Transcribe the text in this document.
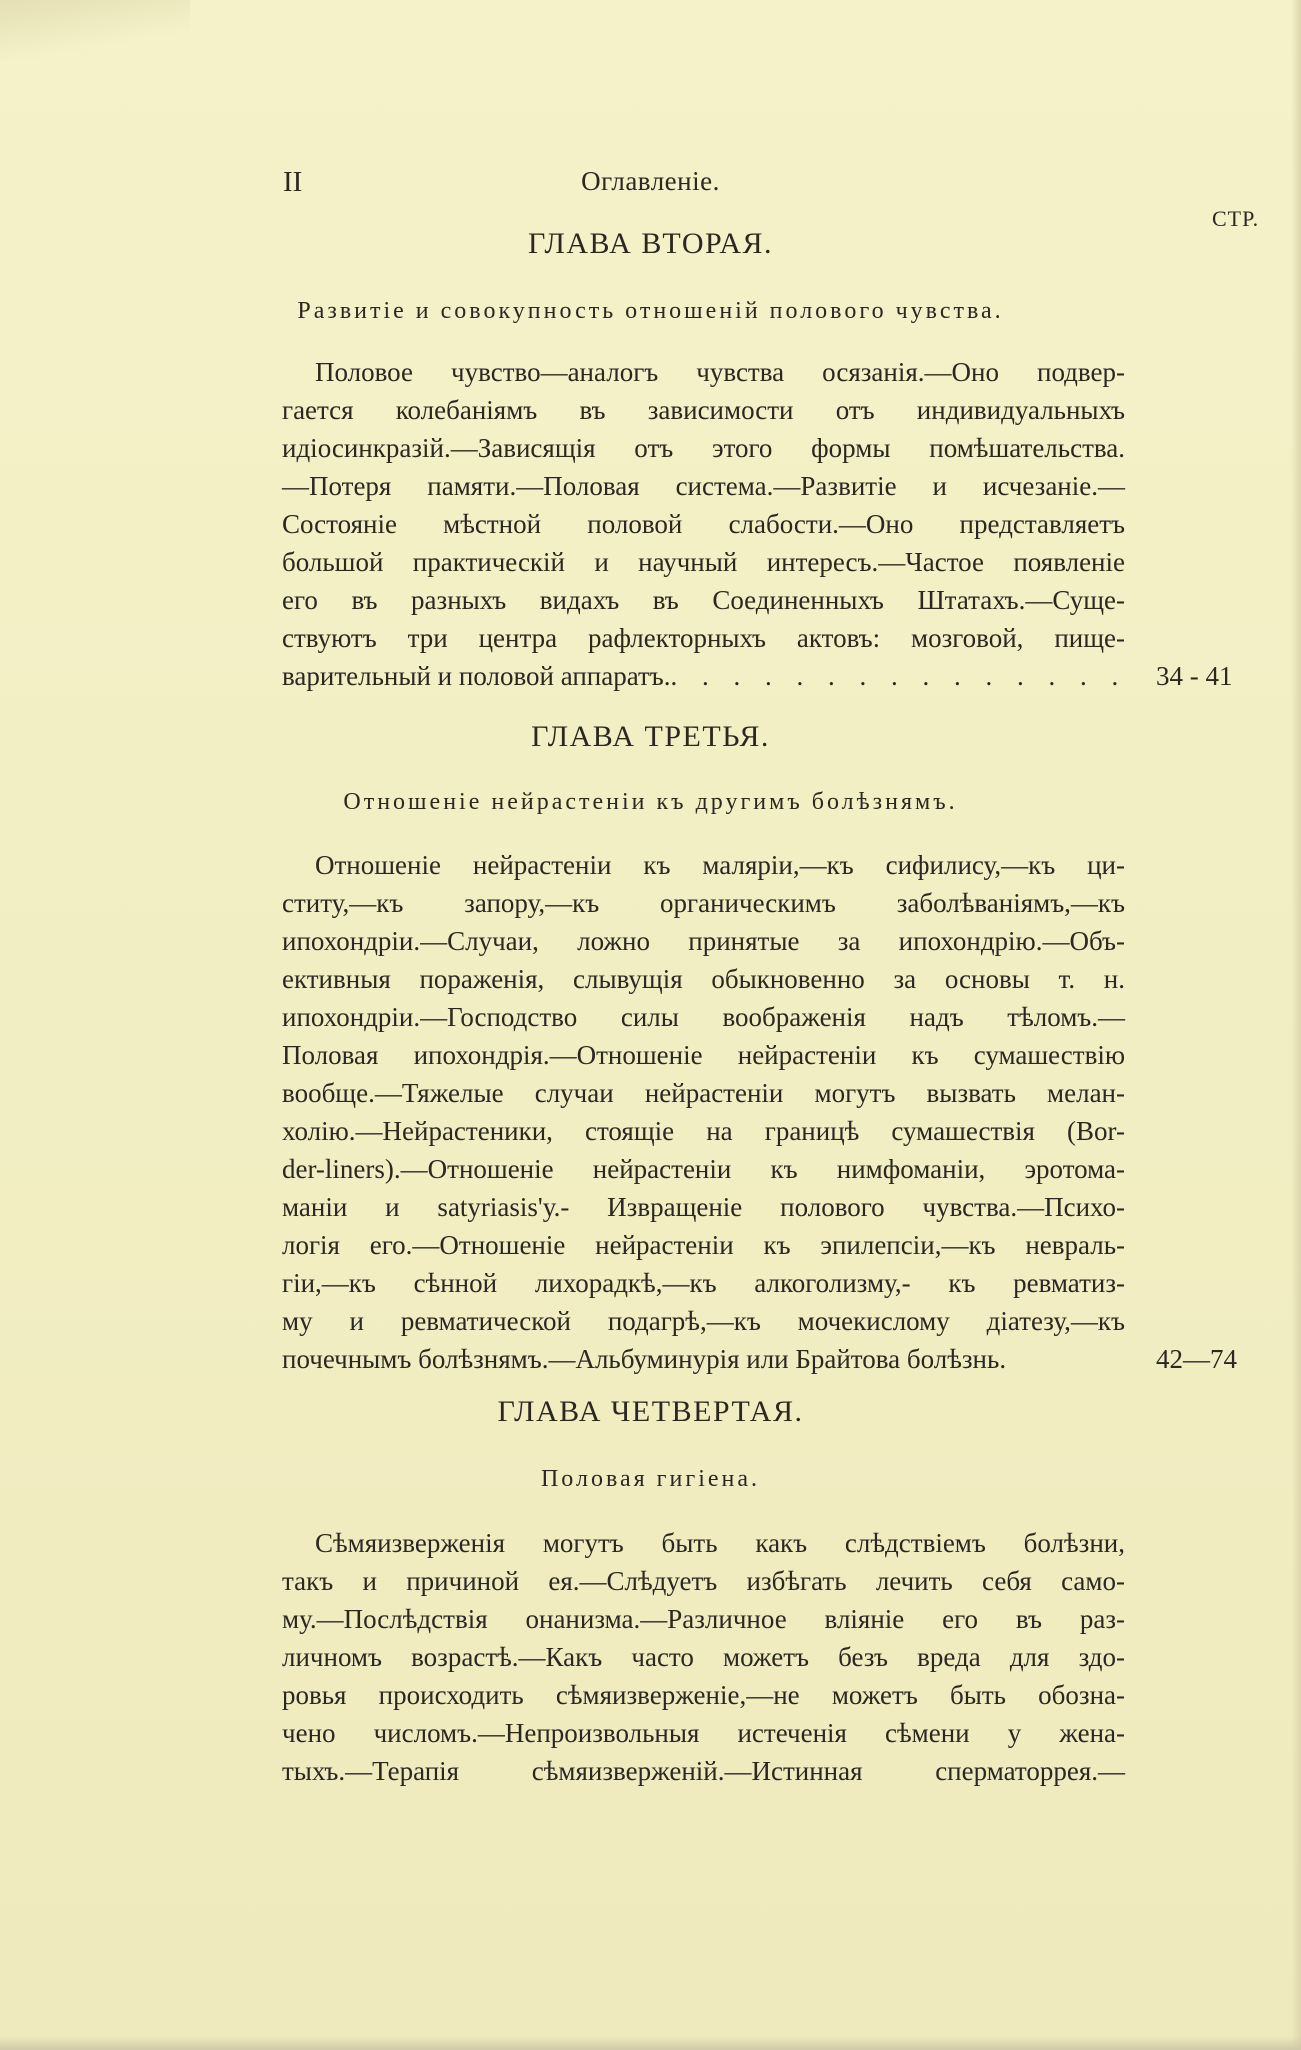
II	Оглавленіе.
СТР.
ГЛАВА ВТОРАЯ.
Развитіе и совокупность отношеній полового чувства.
Половое чувство—аналогъ чувства осязанія.—Оно подвер-
гается колебаніямъ въ зависимости отъ индивидуальныхъ
идіосинкразій.—Зависящія отъ этого формы помѣшательства.
—Потеря памяти.—Половая система.—Развитіе и исчезаніе.—
Состояніе мѣстной половой слабости.—Оно представляетъ
большой практическій и научный интересъ.—Частое появленіе
его въ разныхъ видахъ въ Соединенныхъ Штатахъ.—Суще-
ствуютъ три центра рафлекторныхъ актовъ: мозговой, пище-
варительный и половой аппаратъ.. . . . . . . . . . . . . . . 34 - 41
ГЛАВА ТРЕТЬЯ.
Отношеніе нейрастеніи къ другимъ болѣзнямъ.
Отношеніе нейрастеніи къ маляріи,—къ сифилису,—къ ци-
ститу,—къ запору,—къ органическимъ заболѣваніямъ,—къ
ипохондріи.—Случаи, ложно принятые за ипохондрію.—Объ-
ективныя пораженія, слывущія обыкновенно за основы т. н.
ипохондріи.—Господство силы воображенія надъ тѣломъ.—
Половая ипохондрія.—Отношеніе нейрастеніи къ сумашествію
вообще.—Тяжелые случаи нейрастеніи могутъ вызвать мелан-
холію.—Нейрастеники, стоящіе на границѣ сумашествія (Bor-
der-liners).—Отношеніе нейрастеніи къ нимфоманіи, эротома-
маніи и satyriasis'у.- Извращеніе полового чувства.—Психо-
логія его.—Отношеніе нейрастеніи къ эпилепсіи,—къ невраль-
гіи,—къ сѣнной лихорадкѣ,—къ алкоголизму,- къ ревматиз-
му и ревматической подагрѣ,—къ мочекислому діатезу,—къ
почечнымъ болѣзнямъ.—Альбуминурія или Брайтова болѣзнь.	42—74
ГЛАВА ЧЕТВЕРТАЯ.
Половая гигіена.
Сѣмяизверженія могутъ быть какъ слѣдствіемъ болѣзни,
такъ и причиной ея.—Слѣдуетъ избѣгать лечить себя само-
му.—Послѣдствія онанизма.—Различное вліяніе его въ раз-
личномъ возрастѣ.—Какъ часто можетъ безъ вреда для здо-
ровья происходить сѣмяизверженіе,—не можетъ быть обозна-
чено числомъ.—Непроизвольныя истеченія сѣмени у жена-
тыхъ.—Терапія сѣмяизверженій.—Истинная сперматоррея.—
